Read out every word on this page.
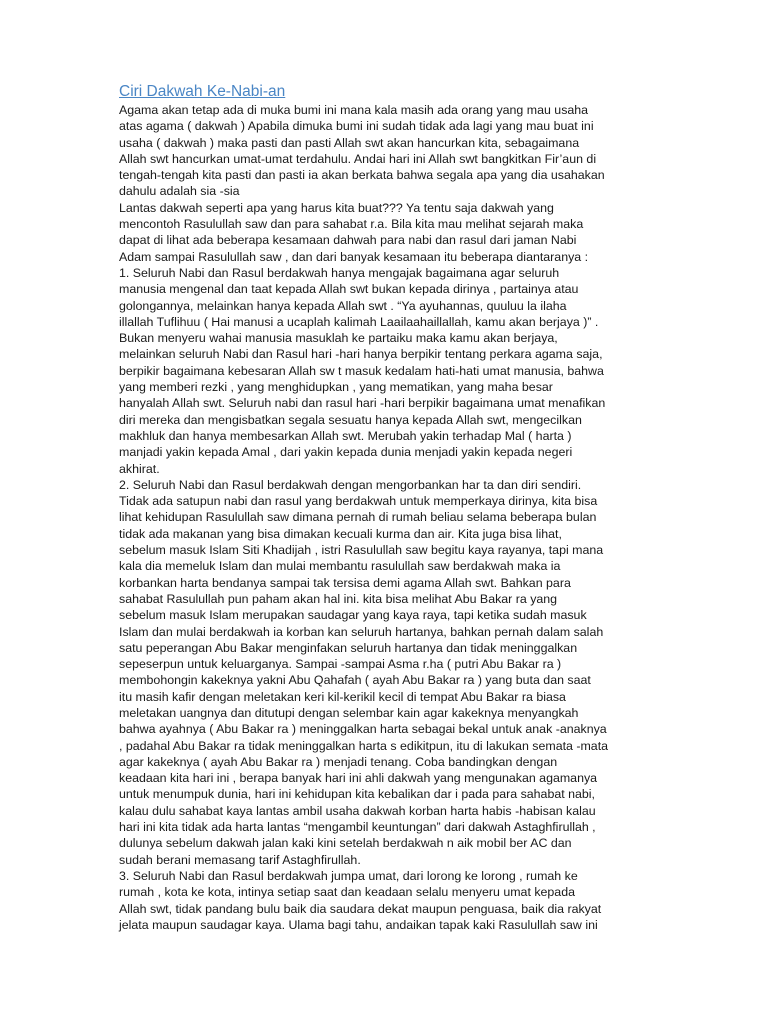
Ciri Dakwah Ke-Nabi-an
Agama akan tetap ada di muka bumi ini mana kala masih ada orang yang mau usaha
atas agama ( dakwah ) Apabila dimuka bumi ini sudah tidak ada lagi yang mau buat ini
usaha ( dakwah ) maka pasti dan pasti Allah swt akan hancurkan kita, sebagaimana
Allah swt hancurkan umat-umat terdahulu. Andai hari ini Allah swt bangkitkan Fir’aun di
tengah-tengah kita pasti dan pasti ia akan berkata bahwa segala apa yang dia usahakan
dahulu adalah sia -sia
Lantas dakwah seperti apa yang harus kita buat??? Ya tentu saja dakwah yang
mencontoh Rasulullah saw dan para sahabat r.a. Bila kita mau melihat sejarah maka
dapat di lihat ada beberapa kesamaan dahwah para nabi dan rasul dari jaman Nabi
Adam sampai Rasulullah saw , dan dari banyak kesamaan itu beberapa diantaranya :
1. Seluruh Nabi dan Rasul berdakwah hanya mengajak bagaimana agar seluruh
manusia mengenal dan taat kepada Allah swt bukan kepada dirinya , partainya atau
golongannya, melainkan hanya kepada Allah swt . “Ya ayuhannas, quuluu la ilaha
illallah Tuflihuu ( Hai manusi a ucaplah kalimah Laailaahaillallah, kamu akan berjaya )” .
Bukan menyeru wahai manusia masuklah ke partaiku maka kamu akan berjaya,
melainkan seluruh Nabi dan Rasul hari -hari hanya berpikir tentang perkara agama saja,
berpikir bagaimana kebesaran Allah sw t masuk kedalam hati-hati umat manusia, bahwa
yang memberi rezki , yang menghidupkan , yang mematikan, yang maha besar
hanyalah Allah swt. Seluruh nabi dan rasul hari -hari berpikir bagaimana umat menafikan
diri mereka dan mengisbatkan segala sesuatu hanya kepada Allah swt, mengecilkan
makhluk dan hanya membesarkan Allah swt. Merubah yakin terhadap Mal ( harta )
manjadi yakin kepada Amal , dari yakin kepada dunia menjadi yakin kepada negeri
akhirat.
2. Seluruh Nabi dan Rasul berdakwah dengan mengorbankan har ta dan diri sendiri.
Tidak ada satupun nabi dan rasul yang berdakwah untuk memperkaya dirinya, kita bisa
lihat kehidupan Rasulullah saw dimana pernah di rumah beliau selama beberapa bulan
tidak ada makanan yang bisa dimakan kecuali kurma dan air. Kita juga bisa lihat,
sebelum masuk Islam Siti Khadijah , istri Rasulullah saw begitu kaya rayanya, tapi mana
kala dia memeluk Islam dan mulai membantu rasulullah saw berdakwah maka ia
korbankan harta bendanya sampai tak tersisa demi agama Allah swt. Bahkan para
sahabat Rasulullah pun paham akan hal ini. kita bisa melihat Abu Bakar ra yang
sebelum masuk Islam merupakan saudagar yang kaya raya, tapi ketika sudah masuk
Islam dan mulai berdakwah ia korban kan seluruh hartanya, bahkan pernah dalam salah
satu peperangan Abu Bakar menginfakan seluruh hartanya dan tidak meninggalkan
sepeserpun untuk keluarganya. Sampai -sampai Asma r.ha ( putri Abu Bakar ra )
membohongin kakeknya yakni Abu Qahafah ( ayah Abu Bakar ra ) yang buta dan saat
itu masih kafir dengan meletakan keri kil-kerikil kecil di tempat Abu Bakar ra biasa
meletakan uangnya dan ditutupi dengan selembar kain agar kakeknya menyangkah
bahwa ayahnya ( Abu Bakar ra ) meninggalkan harta sebagai bekal untuk anak -anaknya
, padahal Abu Bakar ra tidak meninggalkan harta s edikitpun, itu di lakukan semata -mata
agar kakeknya ( ayah Abu Bakar ra ) menjadi tenang. Coba bandingkan dengan
keadaan kita hari ini , berapa banyak hari ini ahli dakwah yang mengunakan agamanya
untuk menumpuk dunia, hari ini kehidupan kita kebalikan dar i pada para sahabat nabi,
kalau dulu sahabat kaya lantas ambil usaha dakwah korban harta habis -habisan kalau
hari ini kita tidak ada harta lantas “mengambil keuntungan” dari dakwah Astaghfirullah ,
dulunya sebelum dakwah jalan kaki kini setelah berdakwah n aik mobil ber AC dan
sudah berani memasang tarif Astaghfirullah.
3. Seluruh Nabi dan Rasul berdakwah jumpa umat, dari lorong ke lorong , rumah ke
rumah , kota ke kota, intinya setiap saat dan keadaan selalu menyeru umat kepada
Allah swt, tidak pandang bulu baik dia saudara dekat maupun penguasa, baik dia rakyat
jelata maupun saudagar kaya. Ulama bagi tahu, andaikan tapak kaki Rasulullah saw ini
